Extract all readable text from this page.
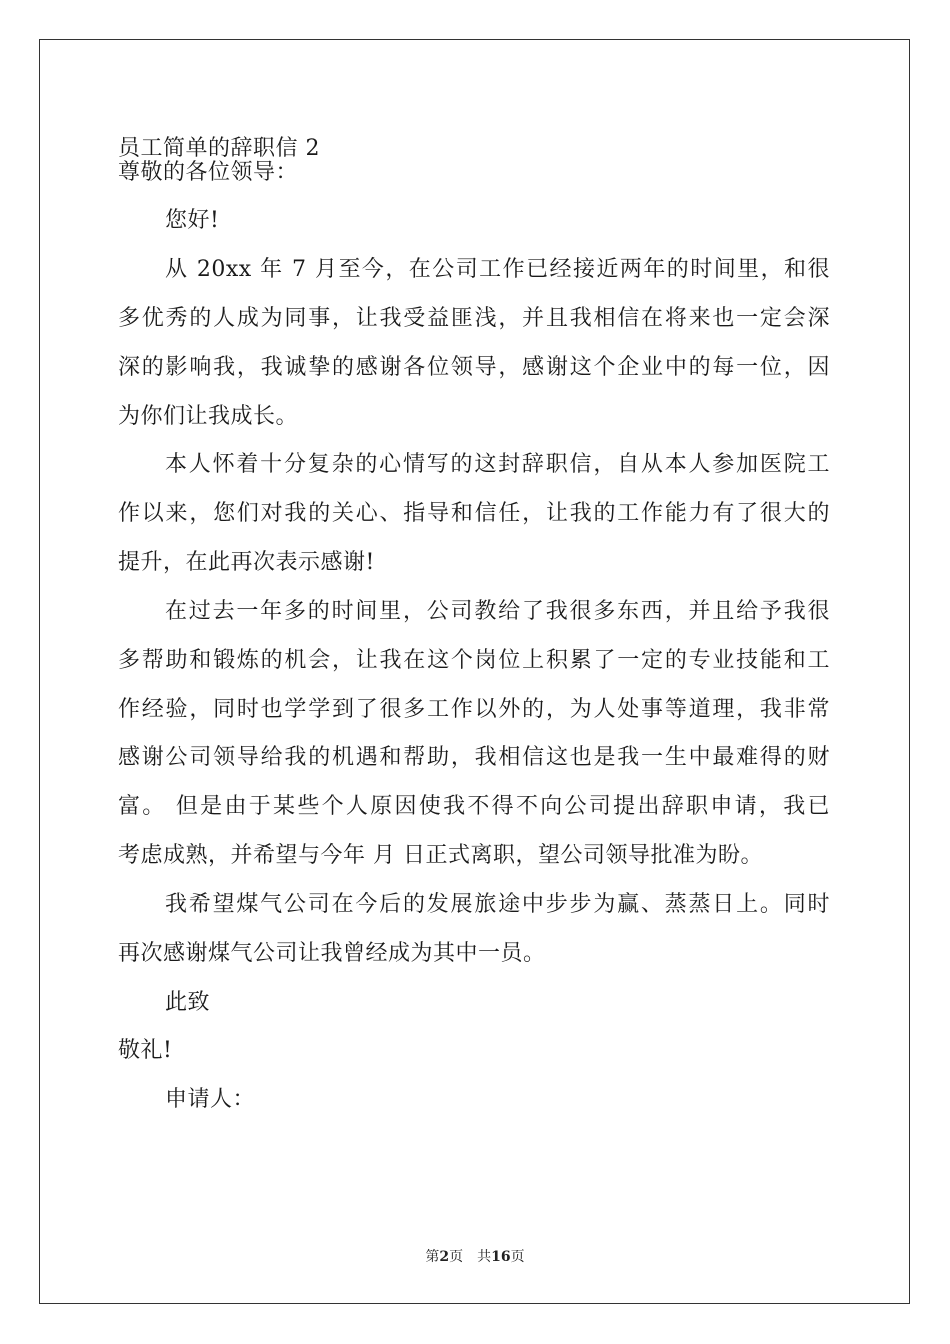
员工简单的辞职信 2
尊敬的各位领导：
您好!
从 20xx 年 7 月至今，在公司工作已经接近两年的时间里，和很
多优秀的人成为同事，让我受益匪浅，并且我相信在将来也一定会深
深的影响我，我诚挚的感谢各位领导，感谢这个企业中的每一位，因
为你们让我成长。
本人怀着十分复杂的心情写的这封辞职信，自从本人参加医院工
作以来，您们对我的关心、指导和信任，让我的工作能力有了很大的
提升，在此再次表示感谢!
在过去一年多的时间里，公司教给了我很多东西，并且给予我很
多帮助和锻炼的机会，让我在这个岗位上积累了一定的专业技能和工
作经验，同时也学学到了很多工作以外的，为人处事等道理，我非常
感谢公司领导给我的机遇和帮助，我相信这也是我一生中最难得的财
富。 但是由于某些个人原因使我不得不向公司提出辞职申请，我已
考虑成熟，并希望与今年 月 日正式离职，望公司领导批准为盼。
我希望煤气公司在今后的发展旅途中步步为赢、蒸蒸日上。同时
再次感谢煤气公司让我曾经成为其中一员。
此致
敬礼!
申请人：
第2页 共16页
